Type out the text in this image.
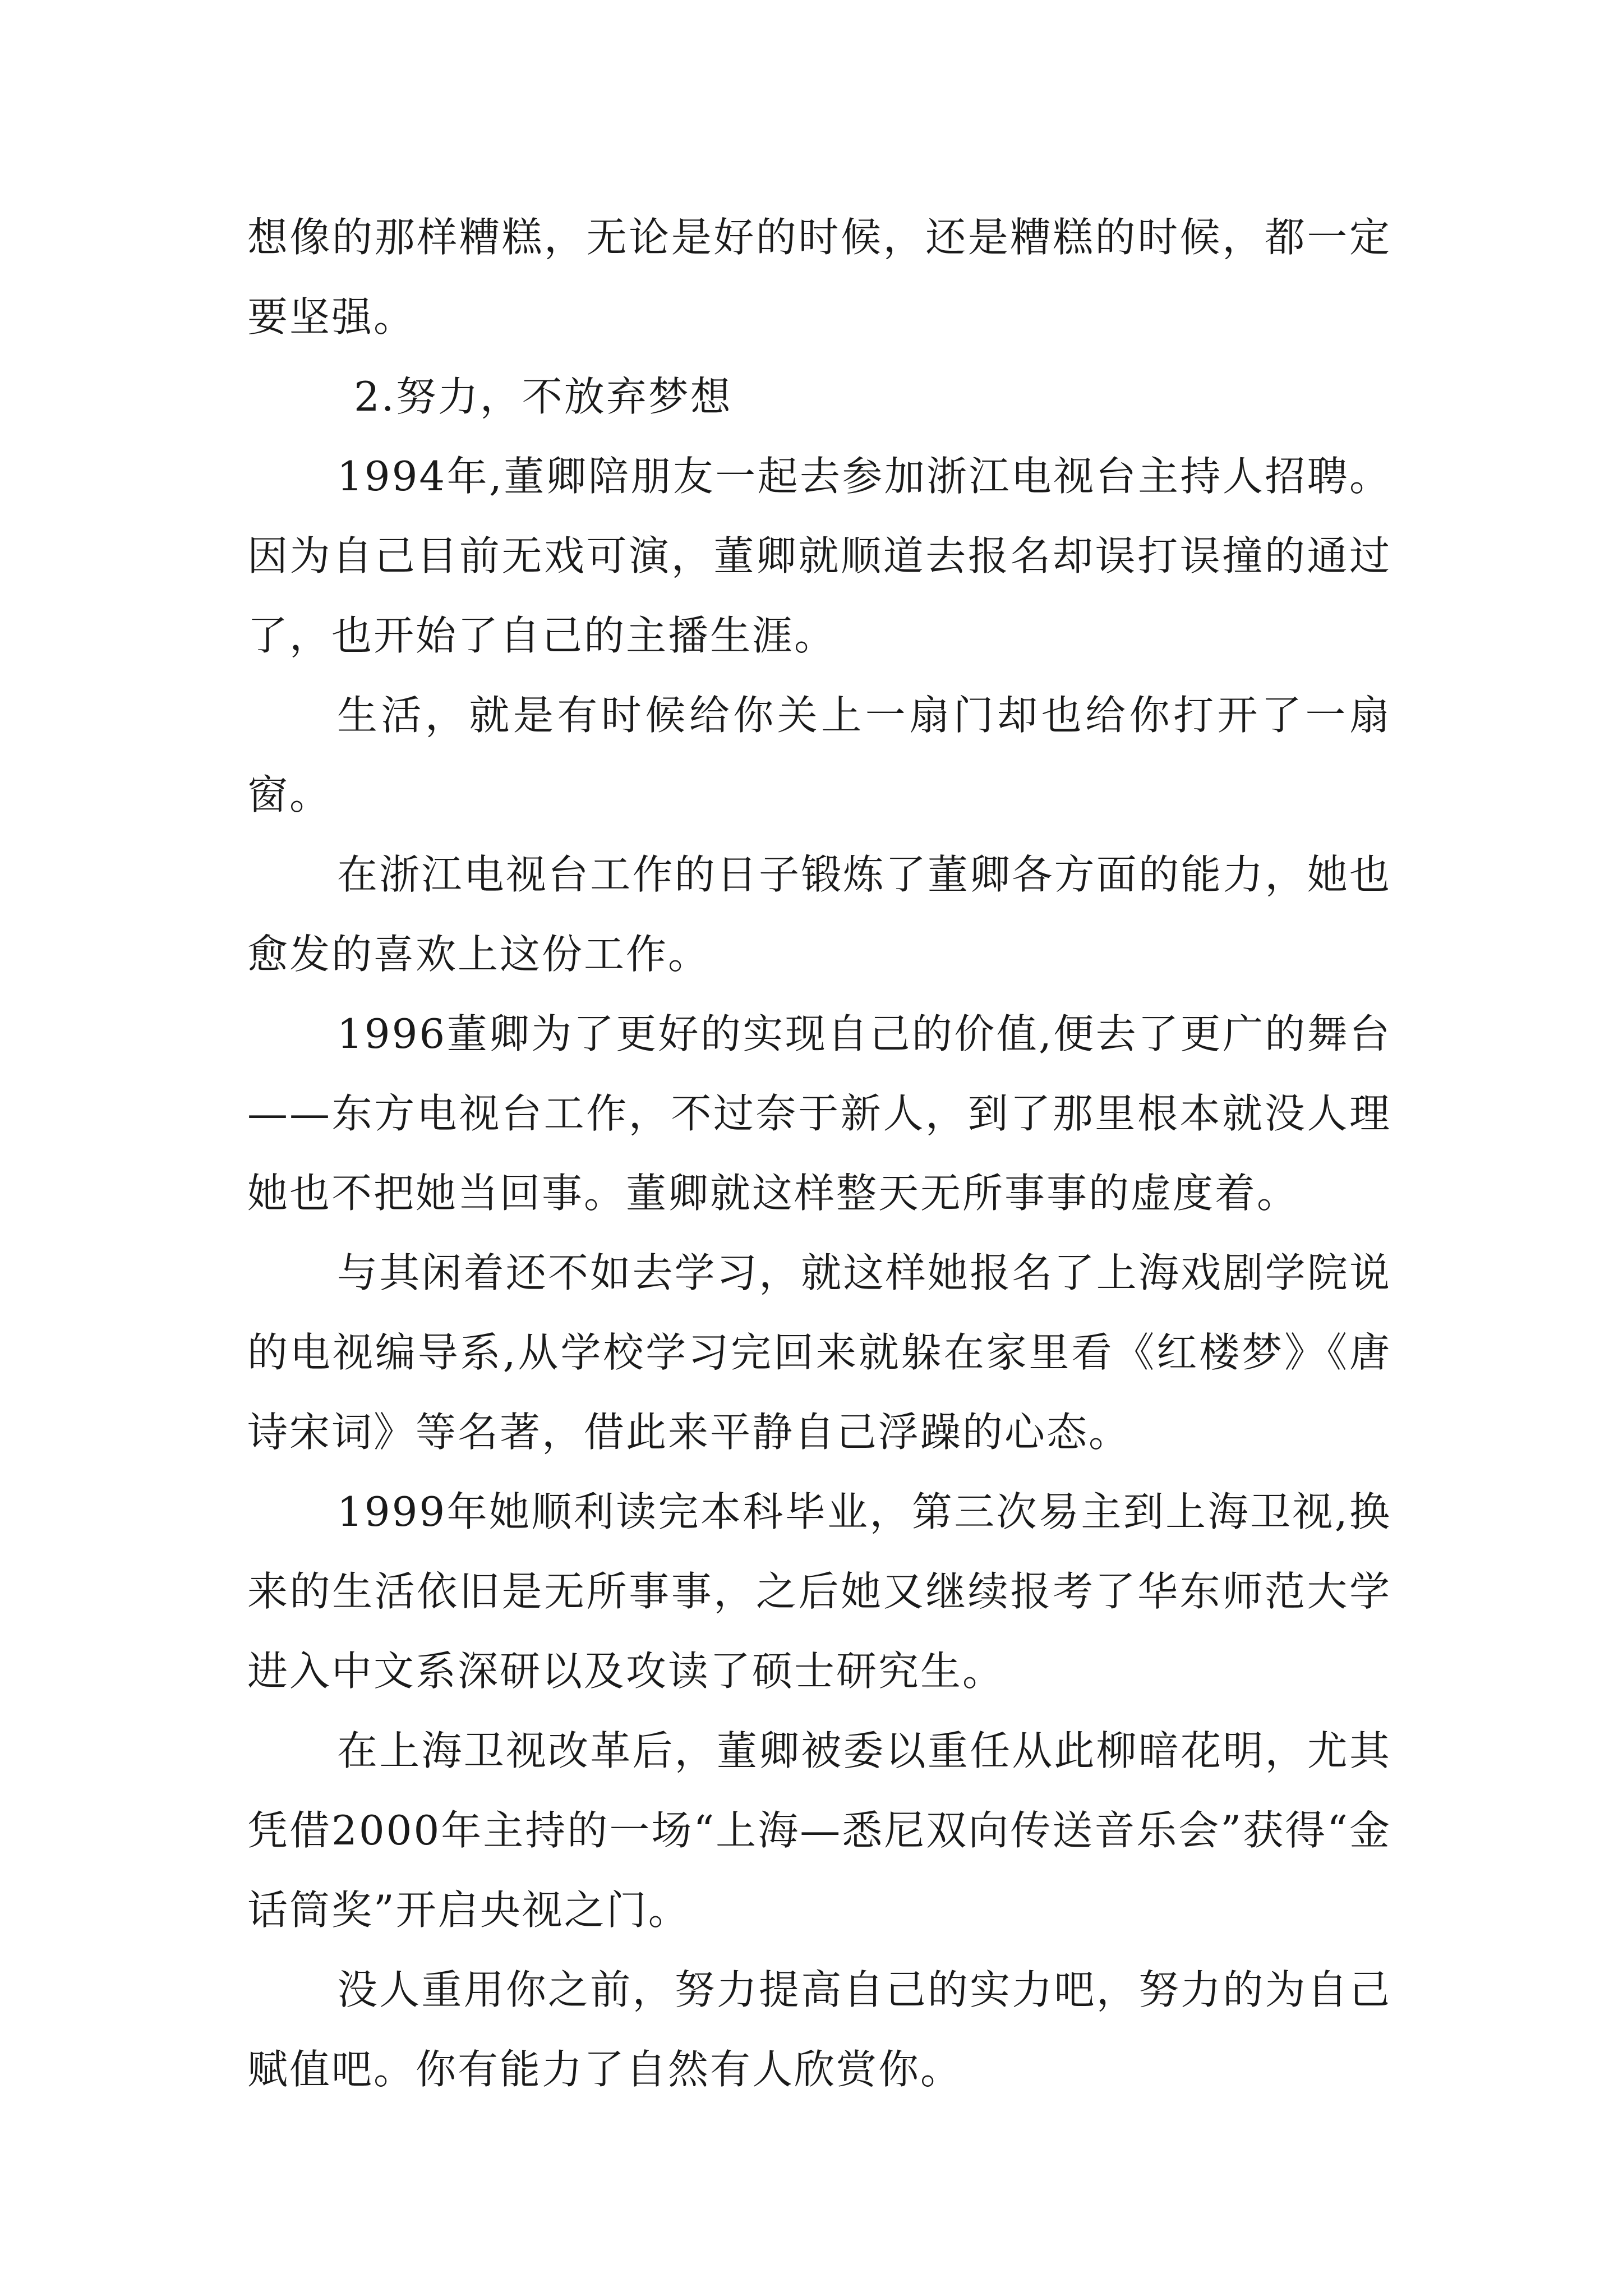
想像的那样糟糕，无论是好的时候，还是糟糕的时候，都一定要坚强。

2.努力，不放弃梦想

1994年,董卿陪朋友一起去参加浙江电视台主持人招聘。因为自己目前无戏可演，董卿就顺道去报名却误打误撞的通过了，也开始了自己的主播生涯。

生活，就是有时候给你关上一扇门却也给你打开了一扇窗。

在浙江电视台工作的日子锻炼了董卿各方面的能力，她也愈发的喜欢上这份工作。

1996董卿为了更好的实现自己的价值,便去了更广的舞台——东方电视台工作，不过奈于新人，到了那里根本就没人理她也不把她当回事。董卿就这样整天无所事事的虚度着。

与其闲着还不如去学习，就这样她报名了上海戏剧学院说的电视编导系,从学校学习完回来就躲在家里看《红楼梦》《唐诗宋词》等名著，借此来平静自己浮躁的心态。

1999年她顺利读完本科毕业，第三次易主到上海卫视,换来的生活依旧是无所事事，之后她又继续报考了华东师范大学进入中文系深研以及攻读了硕士研究生。

在上海卫视改革后，董卿被委以重任从此柳暗花明，尤其凭借2000年主持的一场“上海—悉尼双向传送音乐会”获得“金话筒奖”开启央视之门。

没人重用你之前，努力提高自己的实力吧，努力的为自己赋值吧。你有能力了自然有人欣赏你。
